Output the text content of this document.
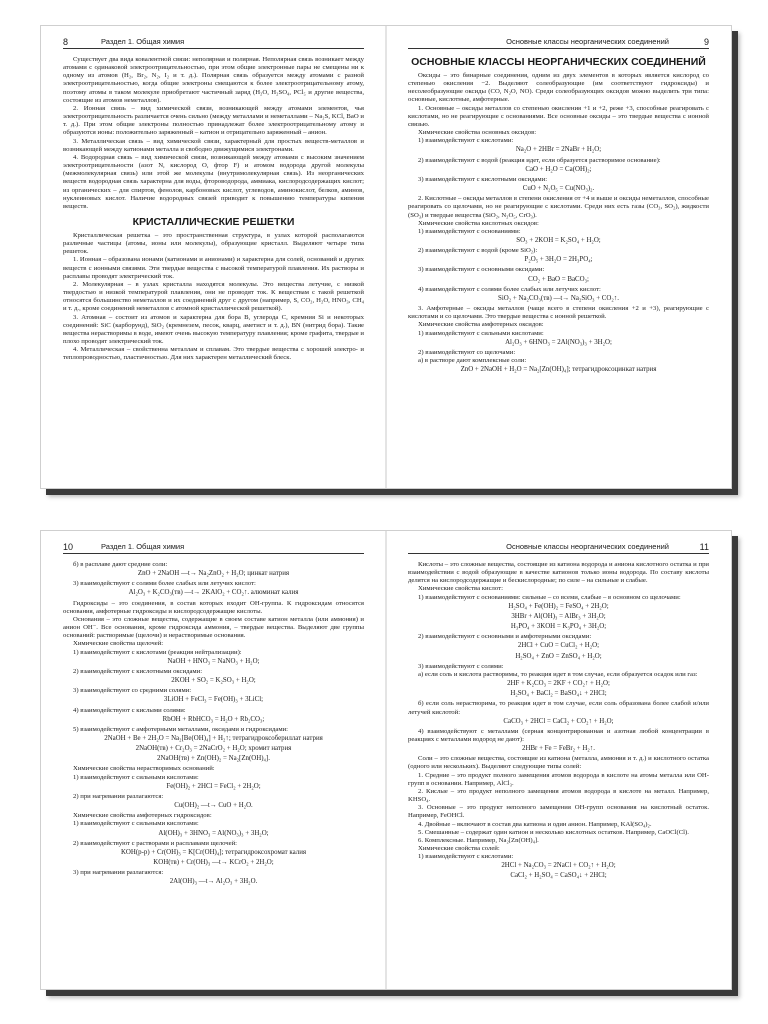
8	Раздел 1. Общая химия

Существует два вида ковалентной связи: неполярная и полярная. Неполярная связь возникает между атомами с одинаковой электроотрицательностью, при этом общие электронные пары не смещены ни к одному из атомов (H₂, Br₂, N₂, I₂ и т. д.). Полярная связь образуется между атомами с разной электроотрицательностью, когда общие электроны смещаются к более электроотрицательному атому, поэтому атомы в таком молекуле приобретают частичный заряд (H₂O, H₂SO₄, PCl₅ и другие вещества, состоящие из атомов неметаллов).

2. Ионная связь – вид химической связи, возникающей между атомами элементов, чья электроотрицательность различается очень сильно (между металлами и неметаллами – Na₂S, KCl, BaO и т. д.). При этом общие электроны полностью принадлежат более электроотрицательному атому и образуются ионы: положительно заряженный – катион и отрицательно заряженный – анион.

3. Металлическая связь – вид химической связи, характерный для простых веществ-металлов и возникающей между катионами металла и свободно движущимися электронами.

4. Водородная связь – вид химической связи, возникающей между атомами с высоким значением электроотрицательности (азот N, кислород O, фтор F) и атомом водорода другой молекулы (межмолекулярная связь) или этой же молекулы (внутримолекулярная связь). Из неорганических веществ водородная связь характерна для воды, фтороводорода, аммиака, кислородсодержащих кислот; из органических – для спиртов, фенолов, карбоновых кислот, углеводов, аминокислот, белков, аминов, нуклеиновых кислот. Наличие водородных связей приводит к повышению температуры кипения веществ.

КРИСТАЛЛИЧЕСКИЕ РЕШЕТКИ

Кристаллическая решетка – это пространственная структура, в узлах которой располагаются различные частицы (атомы, ионы или молекулы), образующие кристалл. Выделяют четыре типа решеток.

1. Ионная – образована ионами (катионами и анионами) и характерна для солей, оснований и других веществ с ионными связями. Эти твердые вещества с высокой температурой плавления. Их растворы и расплавы проводят электрический ток.

2. Молекулярная – в узлах кристалла находятся молекулы. Это вещества летучие, с низкой твердостью и низкой температурой плавления, они не проводят ток. К веществам с такой решеткой относятся большинство неметаллов и их соединений друг с другом (например, S, CO₂, H₂O, HNO₃, CH₄ и т. д., кроме соединений неметаллов с атомной кристаллической решеткой).

3. Атомная – состоит из атомов и характерна для бора B, углерода C, кремния Si и некоторых соединений: SiC (карборунд), SiO₂ (кремнезем, песок, кварц, аметист и т. д.), BN (нитрид бора). Такие вещества нерастворимы в воде, имеют очень высокую температуру плавления; кроме графита, твердые и плохо проводят электрический ток.

4. Металлическая – свойственна металлам и сплавам. Это твердые вещества с хорошей электро- и теплопроводностью, пластичностью. Для них характерен металлический блеск.

Основные классы неорганических соединений	9
ОСНОВНЫЕ КЛАССЫ НЕОРГАНИЧЕСКИХ СОЕДИНЕНИЙ

Оксиды – это бинарные соединения, одним из двух элементов в которых является кислород со степенью окисления −2. Выделяют солеобразующие (им соответствуют гидроксиды) и несолеобразующие оксиды (CO, N₂O, NO). Среди солеобразующих оксидов можно выделить три типа: основные, кислотные, амфотерные.

1. Основные – оксиды металлов со степенью окисления +1 и +2, реже +3, способные реагировать с кислотами, но не реагирующие с основаниями. Все основные оксиды – это твердые вещества с ионной связью.

Химические свойства основных оксидов:

1) взаимодействуют с кислотами:

Na₂O + 2HBr = 2NaBr + H₂O;

2) взаимодействуют с водой (реакция идет, если образуется растворимое основание):

CaO + H₂O = Ca(OH)₂;

3) взаимодействуют с кислотными оксидами:

CuO + N₂O₅ = Cu(NO₃)₂.

2. Кислотные – оксиды металлов в степени окисления от +4 и выше и оксиды неметаллов, способные реагировать со щелочами, но не реагирующие с кислотами. Среди них есть газы (CO₂, SO₂), жидкости (SO₃) и твердые вещества (SiO₂, N₂O₅, CrO₃).

Химические свойства кислотных оксидов:

1) взаимодействуют с основаниями:

SO₃ + 2KOH = K₂SO₄ + H₂O;

2) взаимодействуют с водой (кроме SiO₂):

P₂O₅ + 3H₂O = 2H₃PO₄;

3) взаимодействуют с основными оксидами:

CO₂ + BaO = BaCO₃;

4) взаимодействуют с солями более слабых или летучих кислот:

SiO₂ + Na₂CO₃(тв) —t→ Na₂SiO₃ + CO₂↑.

3. Амфотерные – оксиды металлов (чаще всего в степени окисления +2 и +3), реагирующие с кислотами и со щелочами. Это твердые вещества с ионной решеткой.

Химические свойства амфотерных оксидов:

1) взаимодействуют с сильными кислотами:

Al₂O₃ + 6HNO₃ = 2Al(NO₃)₃ + 3H₂O;

2) взаимодействуют со щелочами:

а) в растворе дают комплексные соли:

ZnO + 2NaOH + H₂O = Na₂[Zn(OH)₄]; тетрагидроксоцинкат натрия

10	Раздел 1. Общая химия

б) в расплаве дают средние соли:

ZnO + 2NaOH —t→ Na₂ZnO₂ + H₂O; цинкат натрия

3) взаимодействуют с солями более слабых или летучих кислот:

Al₂O₃ + K₂CO₃(тв) —t→ 2KAlO₂ + CO₂↑. алюминат калия

Гидроксиды – это соединения, в состав которых входит OH-группа. К гидроксидам относятся основания, амфотерные гидроксиды и кислородсодержащие кислоты.

Основания – это сложные вещества, содержащие в своем составе катион металла (или аммония) и анион OH⁻. Все основания, кроме гидроксида аммония, – твердые вещества. Выделяют две группы оснований: растворимые (щелочи) и нерастворимые основания.

Химические свойства щелочей:

1) взаимодействуют с кислотами (реакция нейтрализации):

NaOH + HNO₃ = NaNO₃ + H₂O;

2) взаимодействуют с кислотными оксидами:

2KOH + SO₂ = K₂SO₃ + H₂O;

3) взаимодействуют со средними солями:

3LiOH + FeCl₃ = Fe(OH)₃ + 3LiCl;

4) взаимодействуют с кислыми солями:

RbOH + RbHCO₃ = H₂O + Rb₂CO₃;

5) взаимодействуют с амфотерными металлами, оксидами и гидроксидами:

2NaOH + Be + 2H₂O = Na₂[Be(OH)₄] + H₂↑; тетрагидроксобериллат натрия

2NaOH(тв) + Cr₂O₃ = 2NaCrO₂ + H₂O; хромит натрия

2NaOH(тв) + Zn(OH)₂ = Na₂[Zn(OH)₄].

Химические свойства нерастворимых оснований:

1) взаимодействуют с сильными кислотами:

Fe(OH)₂ + 2HCl = FeCl₂ + 2H₂O;

2) при нагревании разлагаются:

Cu(OH)₂ —t→ CuO + H₂O.

Химические свойства амфотерных гидроксидов:

1) взаимодействуют с сильными кислотами:

Al(OH)₃ + 3HNO₃ = Al(NO₃)₃ + 3H₂O;

2) взаимодействуют с растворами и расплавами щелочей:

KOH(р-р) + Cr(OH)₃ = K[Cr(OH)₄]; тетрагидроксохромат калия

KOH(тв) + Cr(OH)₃ —t→ KCrO₂ + 2H₂O;

3) при нагревании разлагаются:

2Al(OH)₃ —t→ Al₂O₃ + 3H₂O.

Основные классы неорганических соединений	11

Кислоты – это сложные вещества, состоящие из катиона водорода и аниона кислотного остатка и при взаимодействии с водой образующие в качестве катионов только ионы водорода. По составу кислоты делятся на кислородсодержащие и бескислородные; по силе – на сильные и слабые.

Химические свойства кислот:

1) взаимодействуют с основаниями: сильные – со всеми, слабые – в основном со щелочами:

H₂SO₄ + Fe(OH)₂ = FeSO₄ + 2H₂O;

3HBr + Al(OH)₃ = AlBr₃ + 3H₂O;

H₃PO₄ + 3KOH = K₃PO₄ + 3H₂O;

2) взаимодействуют с основными и амфотерными оксидами:

2HCl + CuO = CuCl₂ + H₂O;

H₂SO₄ + ZnO = ZnSO₄ + H₂O;

3) взаимодействуют с солями:

а) если соль и кислота растворимы, то реакция идет в том случае, если образуется осадок или газ:

2HF + K₂CO₃ = 2KF + CO₂↑ + H₂O;

H₂SO₄ + BaCl₂ = BaSO₄↓ + 2HCl;

б) если соль нерастворима, то реакция идет в том случае, если соль образована более слабой и/или летучей кислотой:

CaCO₃ + 2HCl = CaCl₂ + CO₂↑ + H₂O;

4) взаимодействуют с металлами (серная концентрированная и азотная любой концентрации в реакциях с металлами водород не дают):

2HBr + Fe = FeBr₂ + H₂↑.

Соли – это сложные вещества, состоящие из катиона (металла, аммония и т. д.) и кислотного остатка (одного или нескольких). Выделяют следующие типы солей:

1. Средние – это продукт полного замещения атомов водорода в кислоте на атомы металла или OH-групп в основании. Например, AlCl₃.

2. Кислые – это продукт неполного замещения атомов водорода в кислоте на металл. Например, KHSO₄.

3. Основные – это продукт неполного замещения OH-групп основания на кислотный остаток. Например, FeOHCl.

4. Двойные – включают в состав два катиона и один анион. Например, KAl(SO₄)₂.

5. Смешанные – содержат один катион и несколько кислотных остатков. Например, CaOCl(Cl).

6. Комплексные. Например, Na₂[Zn(OH)₄].

Химические свойства солей:

1) взаимодействуют с кислотами:

2HCl + Na₂CO₃ = 2NaCl + CO₂↑ + H₂O;

CaCl₂ + H₂SO₄ = CaSO₄↓ + 2HCl;
